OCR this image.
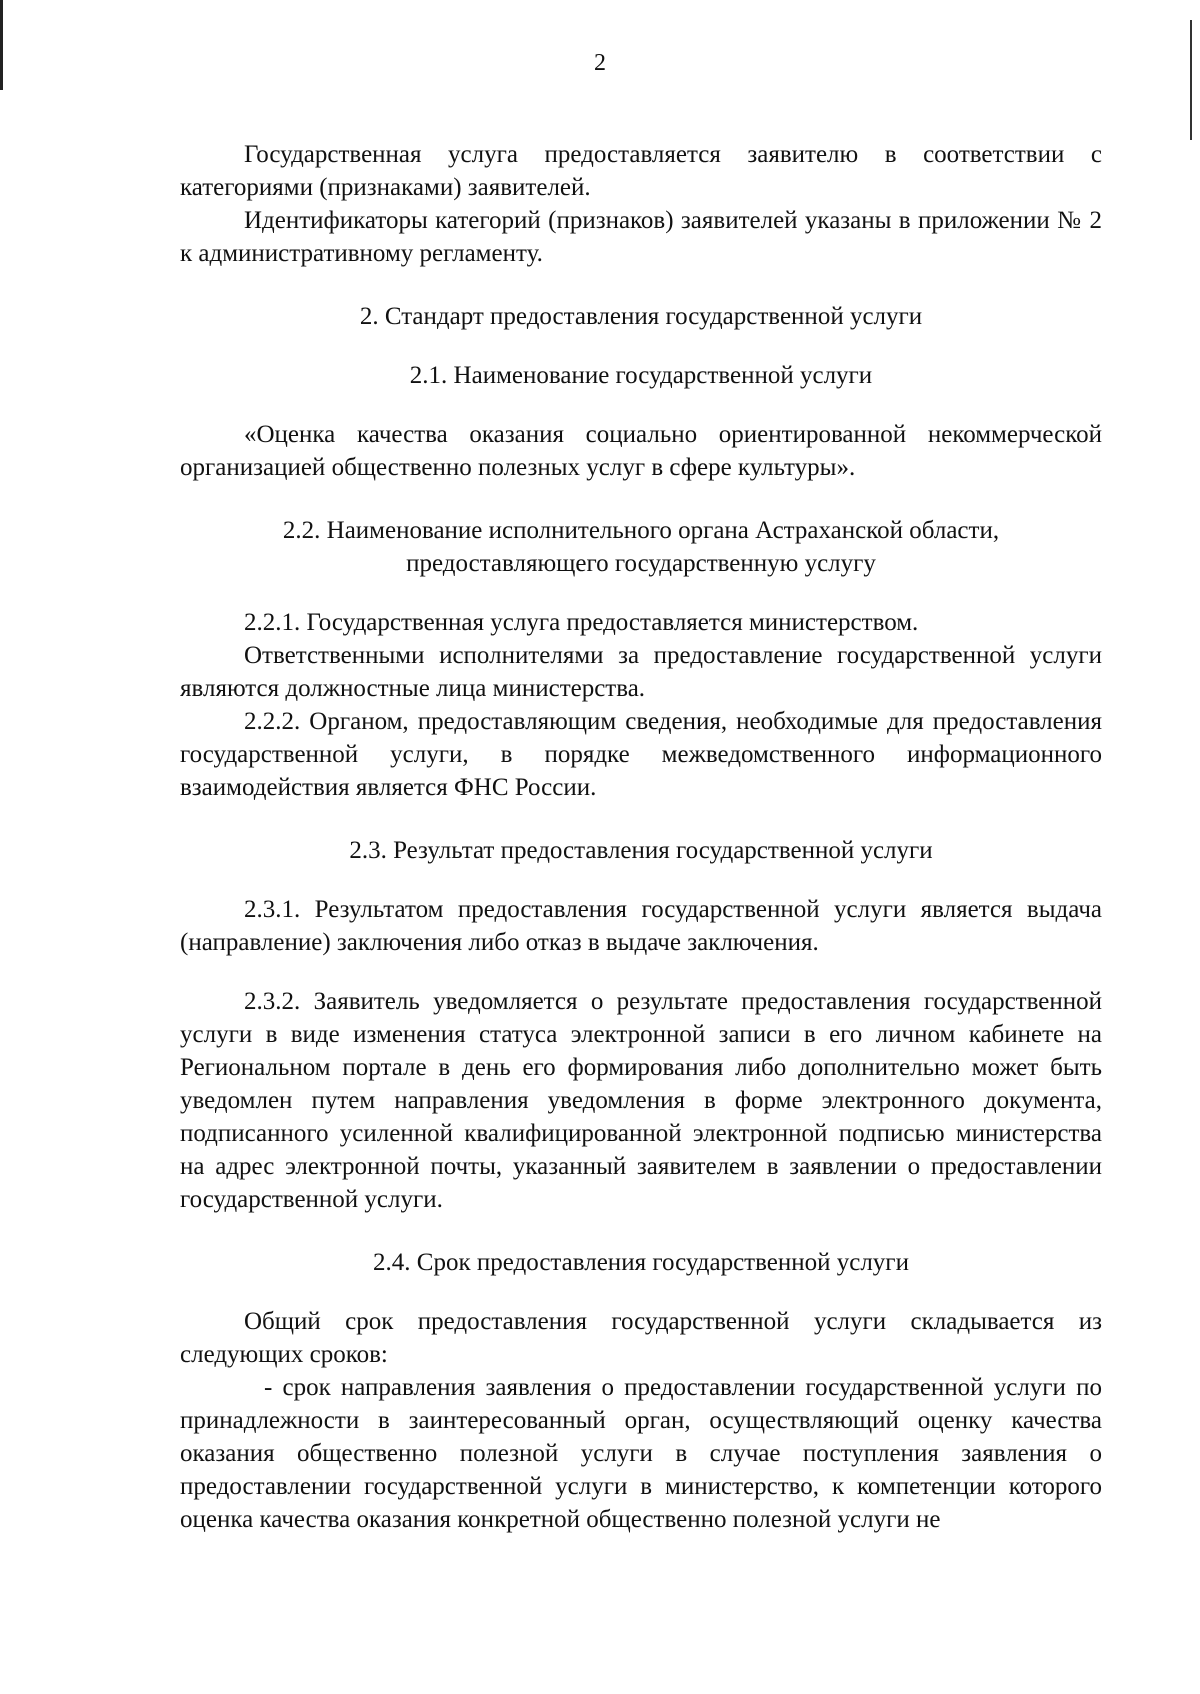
2

Государственная услуга предоставляется заявителю в соответствии с категориями (признаками) заявителей.

Идентификаторы категорий (признаков) заявителей указаны в приложении № 2 к административному регламенту.

2. Стандарт предоставления государственной услуги

2.1. Наименование государственной услуги

«Оценка качества оказания социально ориентированной некоммерческой организацией общественно полезных услуг в сфере культуры».

2.2. Наименование исполнительного органа Астраханской области,

предоставляющего государственную услугу

2.2.1. Государственная услуга предоставляется министерством.

Ответственными исполнителями за предоставление государственной услуги являются должностные лица министерства.

2.2.2. Органом, предоставляющим сведения, необходимые для предоставления государственной услуги, в порядке межведомственного информационного взаимодействия является ФНС России.

2.3. Результат предоставления государственной услуги

2.3.1. Результатом предоставления государственной услуги является выдача (направление) заключения либо отказ в выдаче заключения.

2.3.2. Заявитель уведомляется о результате предоставления государственной услуги в виде изменения статуса электронной записи в его личном кабинете на Региональном портале в день его формирования либо дополнительно может быть уведомлен путем направления уведомления в форме электронного документа, подписанного усиленной квалифицированной электронной подписью министерства на адрес электронной почты, указанный заявителем в заявлении о предоставлении государственной услуги.

2.4. Срок предоставления государственной услуги

Общий срок предоставления государственной услуги складывается из следующих сроков:

- срок направления заявления о предоставлении государственной услуги по принадлежности в заинтересованный орган, осуществляющий оценку качества оказания общественно полезной услуги в случае поступления заявления о предоставлении государственной услуги в министерство, к компетенции которого оценка качества оказания конкретной общественно полезной услуги не
